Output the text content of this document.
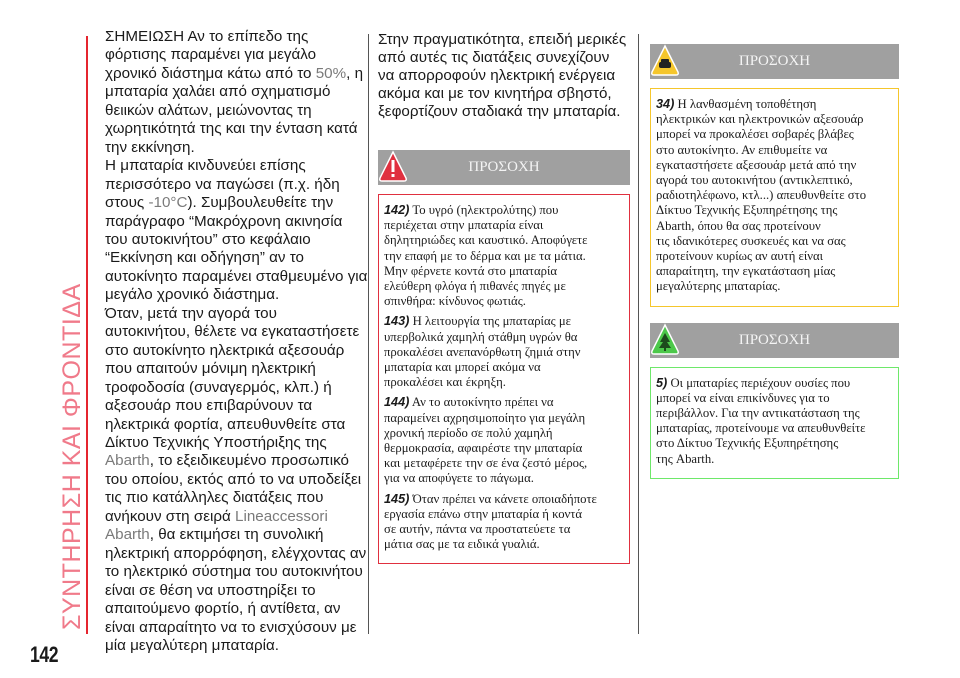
ΣΥΝΤΗΡΗΣΗ ΚΑΙ ΦΡΟΝΤΙΔΑ
ΣΗΜΕΙΩΣΗ Αν το επίπεδο της
φόρτισης παραμένει για μεγάλο
χρονικό διάστημα κάτω από το 50%, η
μπαταρία χαλάει από σχηματισμό
θειικών αλάτων, μειώνοντας τη
χωρητικότητά της και την ένταση κατά
την εκκίνηση.
Η μπαταρία κινδυνεύει επίσης
περισσότερο να παγώσει (π.χ. ήδη
στους -10°C). Συμβουλευθείτε την
παράγραφο “Μακρόχρονη ακινησία
του αυτοκινήτου” στο κεφάλαιο
“Εκκίνηση και οδήγηση” αν το
αυτοκίνητο παραμένει σταθμευμένο για
μεγάλο χρονικό διάστημα.
Όταν, μετά την αγορά του
αυτοκινήτου, θέλετε να εγκαταστήσετε
στο αυτοκίνητο ηλεκτρικά αξεσουάρ
που απαιτούν μόνιμη ηλεκτρική
τροφοδοσία (συναγερμός, κλπ.) ή
αξεσουάρ που επιβαρύνουν τα
ηλεκτρικά φορτία, απευθυνθείτε στα
Δίκτυο Τεχνικής Υποστήριξης της
Abarth, το εξειδικευμένο προσωπικό
του οποίου, εκτός από το να υποδείξει
τις πιο κατάλληλες διατάξεις που
ανήκουν στη σειρά Lineaccessori
Abarth, θα εκτιμήσει τη συνολική
ηλεκτρική απορρόφηση, ελέγχοντας αν
το ηλεκτρικό σύστημα του αυτοκινήτου
είναι σε θέση να υποστηρίξει το
απαιτούμενο φορτίο, ή αντίθετα, αν
είναι απαραίτητο να το ενισχύσουν με
μία μεγαλύτερη μπαταρία.
Στην πραγματικότητα, επειδή μερικές
από αυτές τις διατάξεις συνεχίζουν
να απορροφούν ηλεκτρική ενέργεια
ακόμα και με τον κινητήρα σβηστό,
ξεφορτίζουν σταδιακά την μπαταρία.
ΠΡΟΣΟΧΗ

142) Το υγρό (ηλεκτρολύτης) που
περιέχεται στην μπαταρία είναι
δηλητηριώδες και καυστικό. Αποφύγετε
την επαφή με το δέρμα και με τα μάτια.
Μην φέρνετε κοντά στο μπαταρία
ελεύθερη φλόγα ή πιθανές πηγές με
σπινθήρα: κίνδυνος φωτιάς.

143) Η λειτουργία της μπαταρίας με
υπερβολικά χαμηλή στάθμη υγρών θα
προκαλέσει ανεπανόρθωτη ζημιά στην
μπαταρία και μπορεί ακόμα να
προκαλέσει και έκρηξη.

144) Αν το αυτοκίνητο πρέπει να
παραμείνει αχρησιμοποίητο για μεγάλη
χρονική περίοδο σε πολύ χαμηλή
θερμοκρασία, αφαιρέστε την μπαταρία
και μεταφέρετε την σε ένα ζεστό μέρος,
για να αποφύγετε το πάγωμα.

145) Όταν πρέπει να κάνετε οποιαδήποτε
εργασία επάνω στην μπαταρία ή κοντά
σε αυτήν, πάντα να προστατεύετε τα
μάτια σας με τα ειδικά γυαλιά.

ΠΡΟΣΟΧΗ

34) Η λανθασμένη τοποθέτηση
ηλεκτρικών και ηλεκτρονικών αξεσουάρ
μπορεί να προκαλέσει σοβαρές βλάβες
στο αυτοκίνητο. Αν επιθυμείτε να
εγκαταστήσετε αξεσουάρ μετά από την
αγορά του αυτοκινήτου (αντικλεπτικό,
ραδιοτηλέφωνο, κτλ...) απευθυνθείτε στο
Δίκτυο Τεχνικής Εξυπηρέτησης της
Abarth, όπου θα σας προτείνουν
τις ιδανικότερες συσκευές και να σας
προτείνουν κυρίως αν αυτή είναι
απαραίτητη, την εγκατάσταση μίας
μεγαλύτερης μπαταρίας.

ΠΡΟΣΟΧΗ

5) Οι μπαταρίες περιέχουν ουσίες που
μπορεί να είναι επικίνδυνες για το
περιβάλλον. Για την αντικατάσταση της
μπαταρίας, προτείνουμε να απευθυνθείτε
στο Δίκτυο Τεχνικής Εξυπηρέτησης
της Abarth.

142
